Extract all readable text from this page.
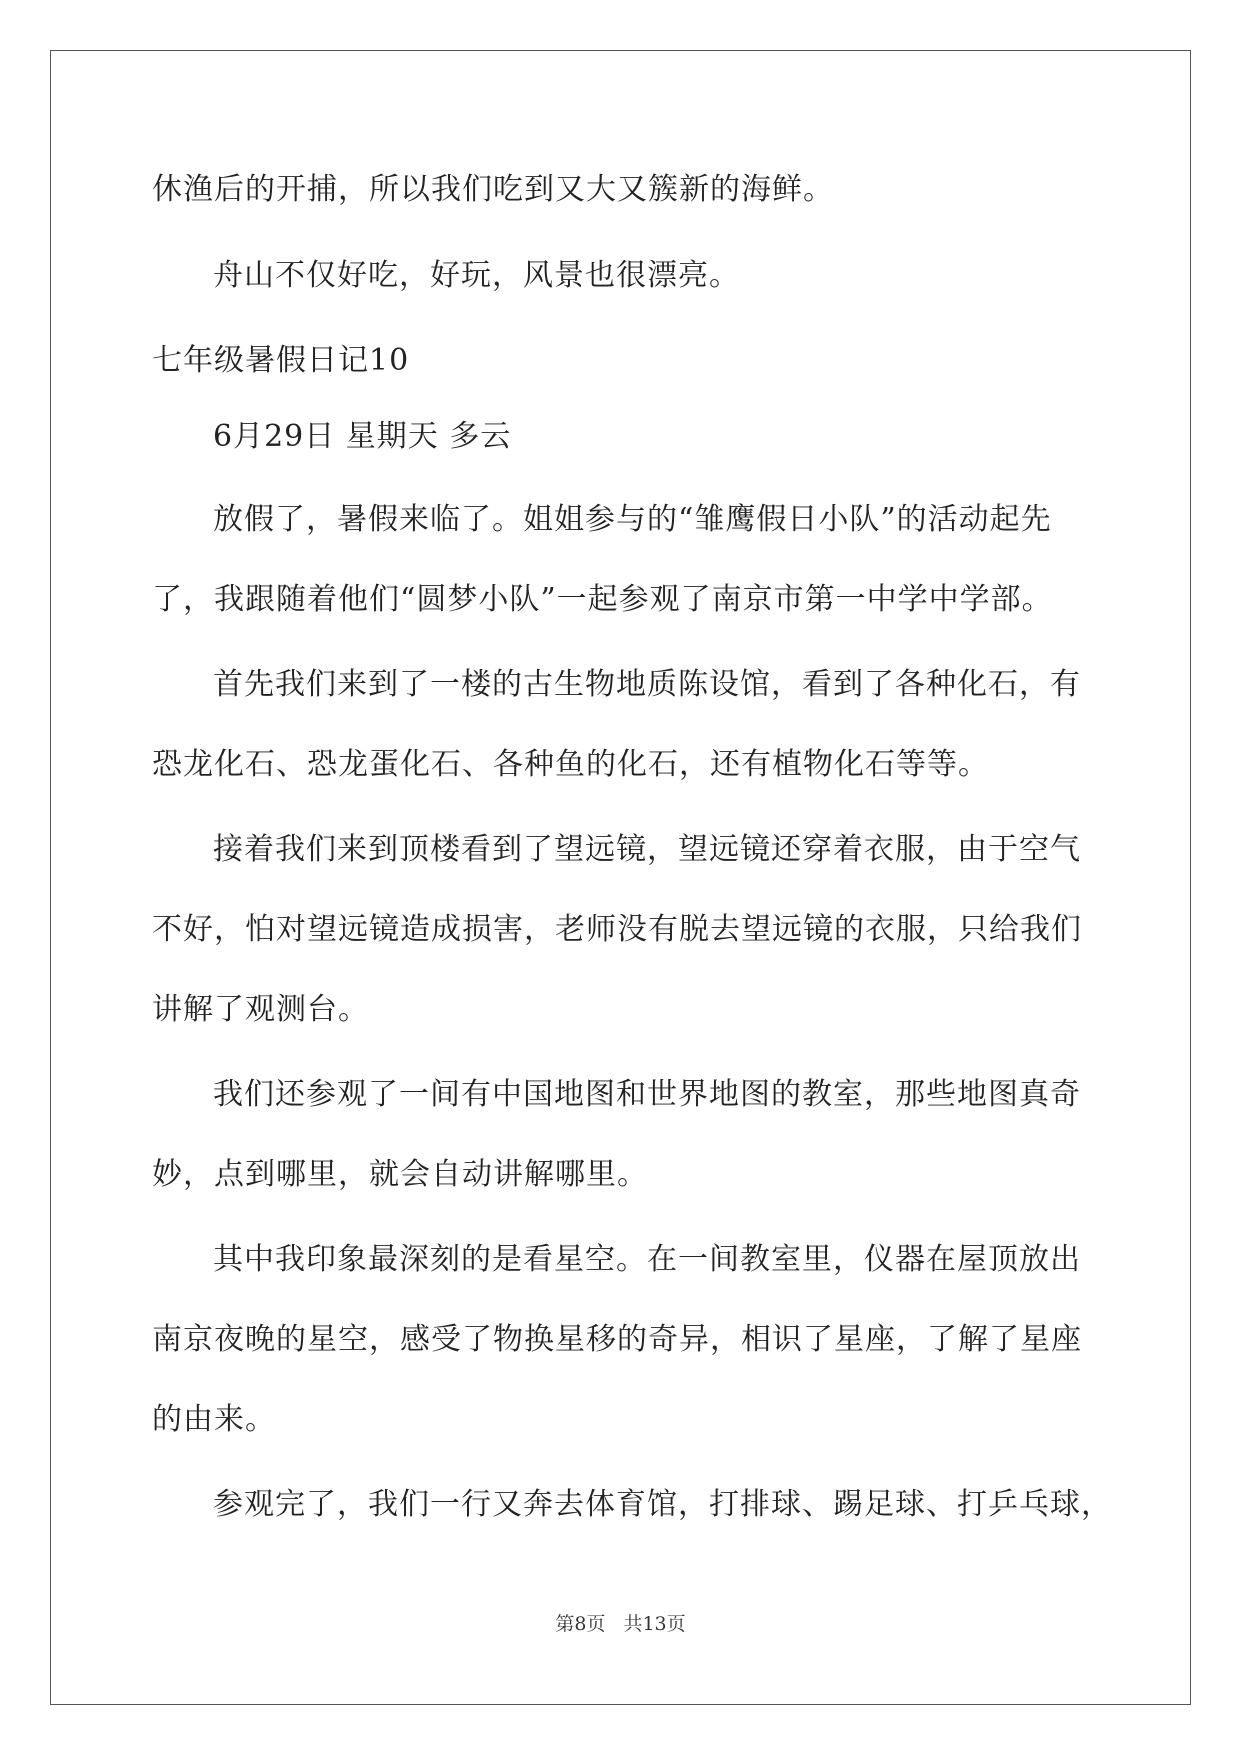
休渔后的开捕，所以我们吃到又大又簇新的海鲜。
舟山不仅好吃，好玩，风景也很漂亮。
七年级暑假日记10
6月29日 星期天 多云
放假了，暑假来临了。姐姐参与的“雏鹰假日小队”的活动起先
了，我跟随着他们“圆梦小队”一起参观了南京市第一中学中学部。
首先我们来到了一楼的古生物地质陈设馆，看到了各种化石，有
恐龙化石、恐龙蛋化石、各种鱼的化石，还有植物化石等等。
接着我们来到顶楼看到了望远镜，望远镜还穿着衣服，由于空气
不好，怕对望远镜造成损害，老师没有脱去望远镜的衣服，只给我们
讲解了观测台。
我们还参观了一间有中国地图和世界地图的教室，那些地图真奇
妙，点到哪里，就会自动讲解哪里。
其中我印象最深刻的是看星空。在一间教室里，仪器在屋顶放出
南京夜晚的星空，感受了物换星移的奇异，相识了星座，了解了星座
的由来。
参观完了，我们一行又奔去体育馆，打排球、踢足球、打乒乓球，
第8页 共13页
